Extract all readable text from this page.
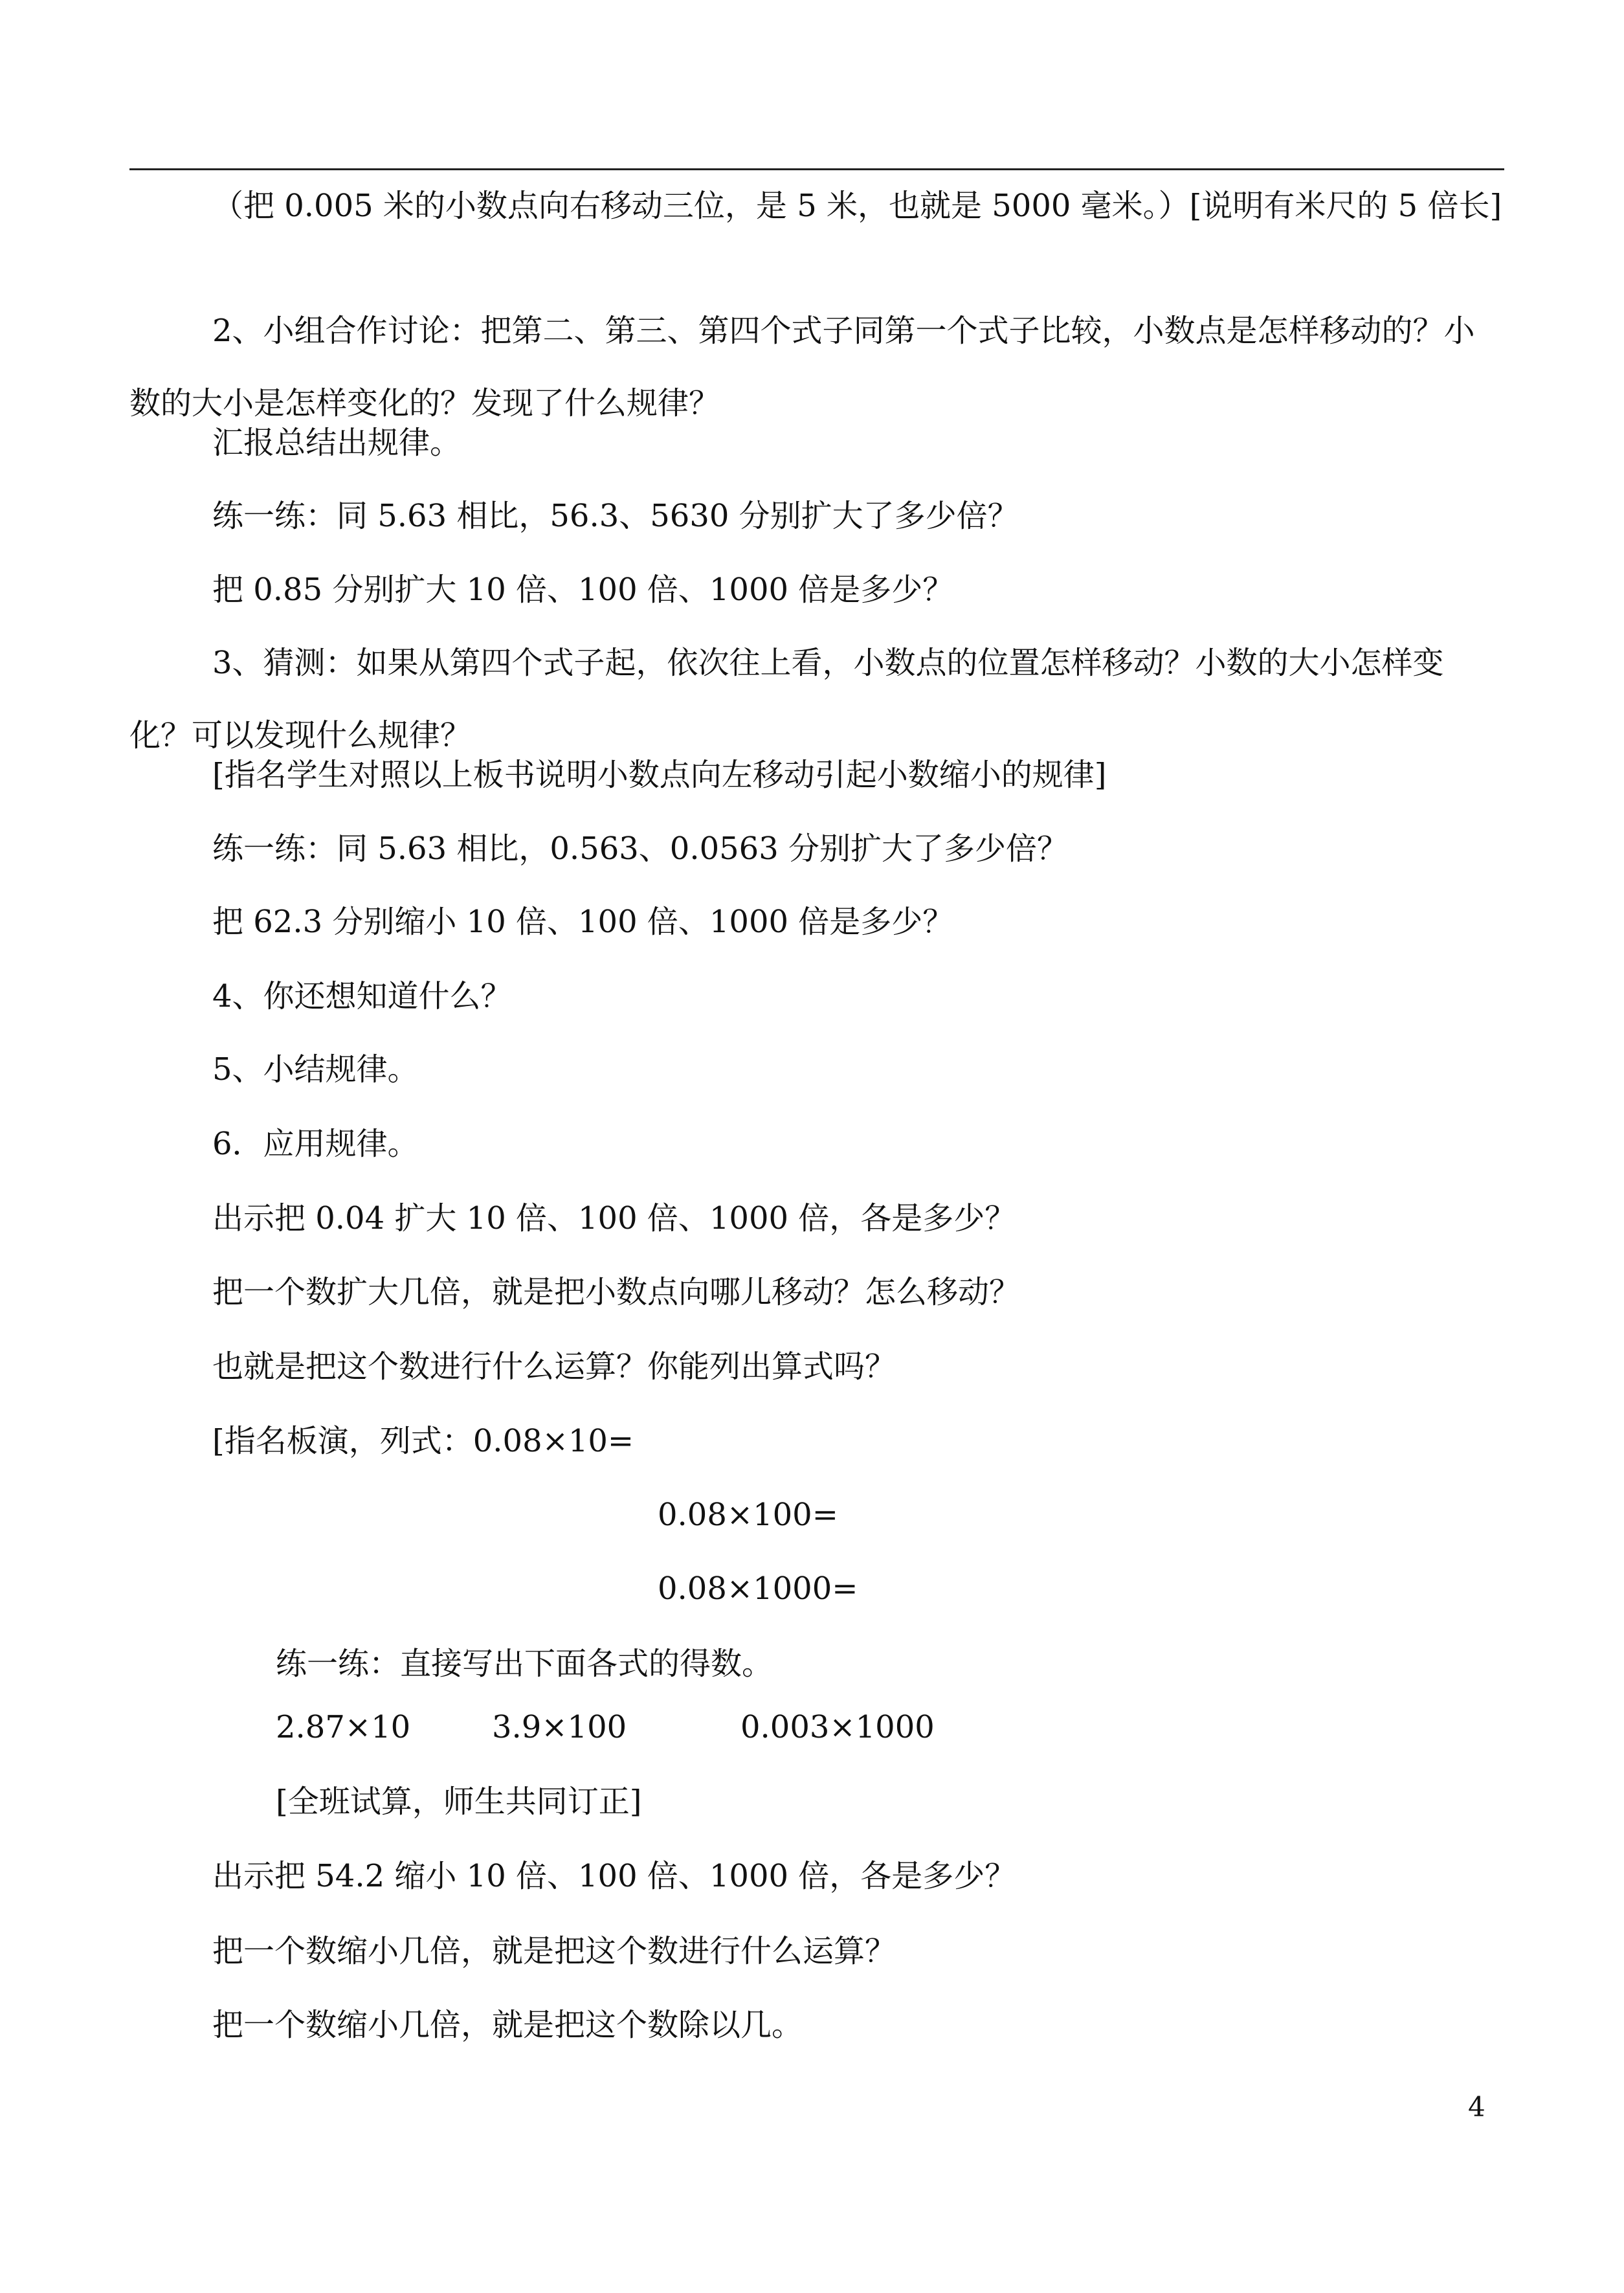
（把 0.005 米的小数点向右移动三位，是 5 米，也就是 5000 毫米。）[说明有米尺的 5 倍长]
2、小组合作讨论：把第二、第三、第四个式子同第一个式子比较，小数点是怎样移动的？小数的大小是怎样变化的？发现了什么规律？
汇报总结出规律。
练一练：同 5.63 相比，56.3、5630 分别扩大了多少倍？
把 0.85 分别扩大 10 倍、100 倍、1000 倍是多少？
3、猜测：如果从第四个式子起，依次往上看，小数点的位置怎样移动？小数的大小怎样变化？可以发现什么规律？
[指名学生对照以上板书说明小数点向左移动引起小数缩小的规律]
练一练：同 5.63 相比，0.563、0.0563 分别扩大了多少倍？
把 62.3 分别缩小 10 倍、100 倍、1000 倍是多少？
4、你还想知道什么？
5、小结规律。
6．应用规律。
出示把 0.04 扩大 10 倍、100 倍、1000 倍，各是多少？
把一个数扩大几倍，就是把小数点向哪儿移动？怎么移动？
也就是把这个数进行什么运算？你能列出算式吗？
[指名板演，列式：0.08×10=
0.08×100=
0.08×1000=
练一练：直接写出下面各式的得数。
2.87×10	3.9×100	0.003×1000
[全班试算，师生共同订正]
出示把 54.2 缩小 10 倍、100 倍、1000 倍，各是多少？
把一个数缩小几倍，就是把这个数进行什么运算？
把一个数缩小几倍，就是把这个数除以几。
4
